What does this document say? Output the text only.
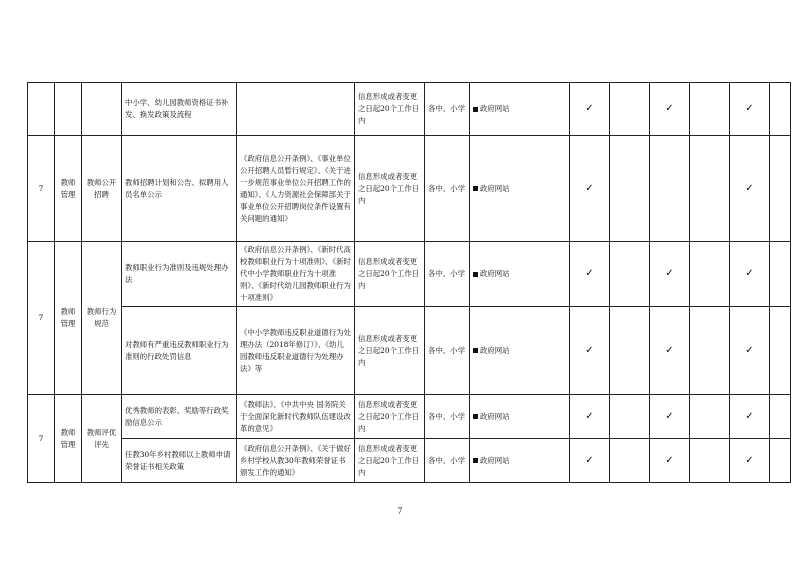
			中小学、幼儿园教师资格证书补发、换发政策及流程		信息形成或者变更之日起20个工作日内	各中、小学	政府网站	✓		✓		✓	
7	教师管理	教师公开招聘	教师招聘计划和公告、拟聘用人员名单公示	《政府信息公开条例》、《事业单位公开招聘人员暂行规定》、《关于进一步规范事业单位公开招聘工作的通知》、《人力资源社会保障部关于事业单位公开招聘岗位条件设置有关问题的通知》	信息形成或者变更之日起20个工作日内	各中、小学	政府网站	✓				✓	
7	教师管理	教师行为规范	教师职业行为准则及违规处理办法	《政府信息公开条例》、《新时代高校教师职业行为十项准则》、《新时代中小学教师职业行为十项准则》、《新时代幼儿园教师职业行为十项准则》	信息形成或者变更之日起20个工作日内	各中、小学	政府网站	✓		✓		✓	
			对教师有严重违反教师职业行为准则的行政处罚信息	《中小学教师违反职业道德行为处理办法（2018年修订）》、《幼儿园教师违反职业道德行为处理办法》等	信息形成或者变更之日起20个工作日内	各中、小学	政府网站	✓		✓		✓	
7	教师管理	教师评优评先	优秀教师的表彰、奖励等行政奖励信息公示	《教师法》、《中共中央 国务院关于全面深化新时代教师队伍建设改革的意见》	信息形成或者变更之日起20个工作日内	各中、小学	政府网站	✓		✓		✓	
			任教30年乡村教师以上教师申请荣誉证书相关政策	《政府信息公开条例》、《关于做好乡村学校从教30年教师荣誉证书颁发工作的通知》	信息形成或者变更之日起20个工作日内	各中、小学	政府网站	✓		✓		✓	
7
